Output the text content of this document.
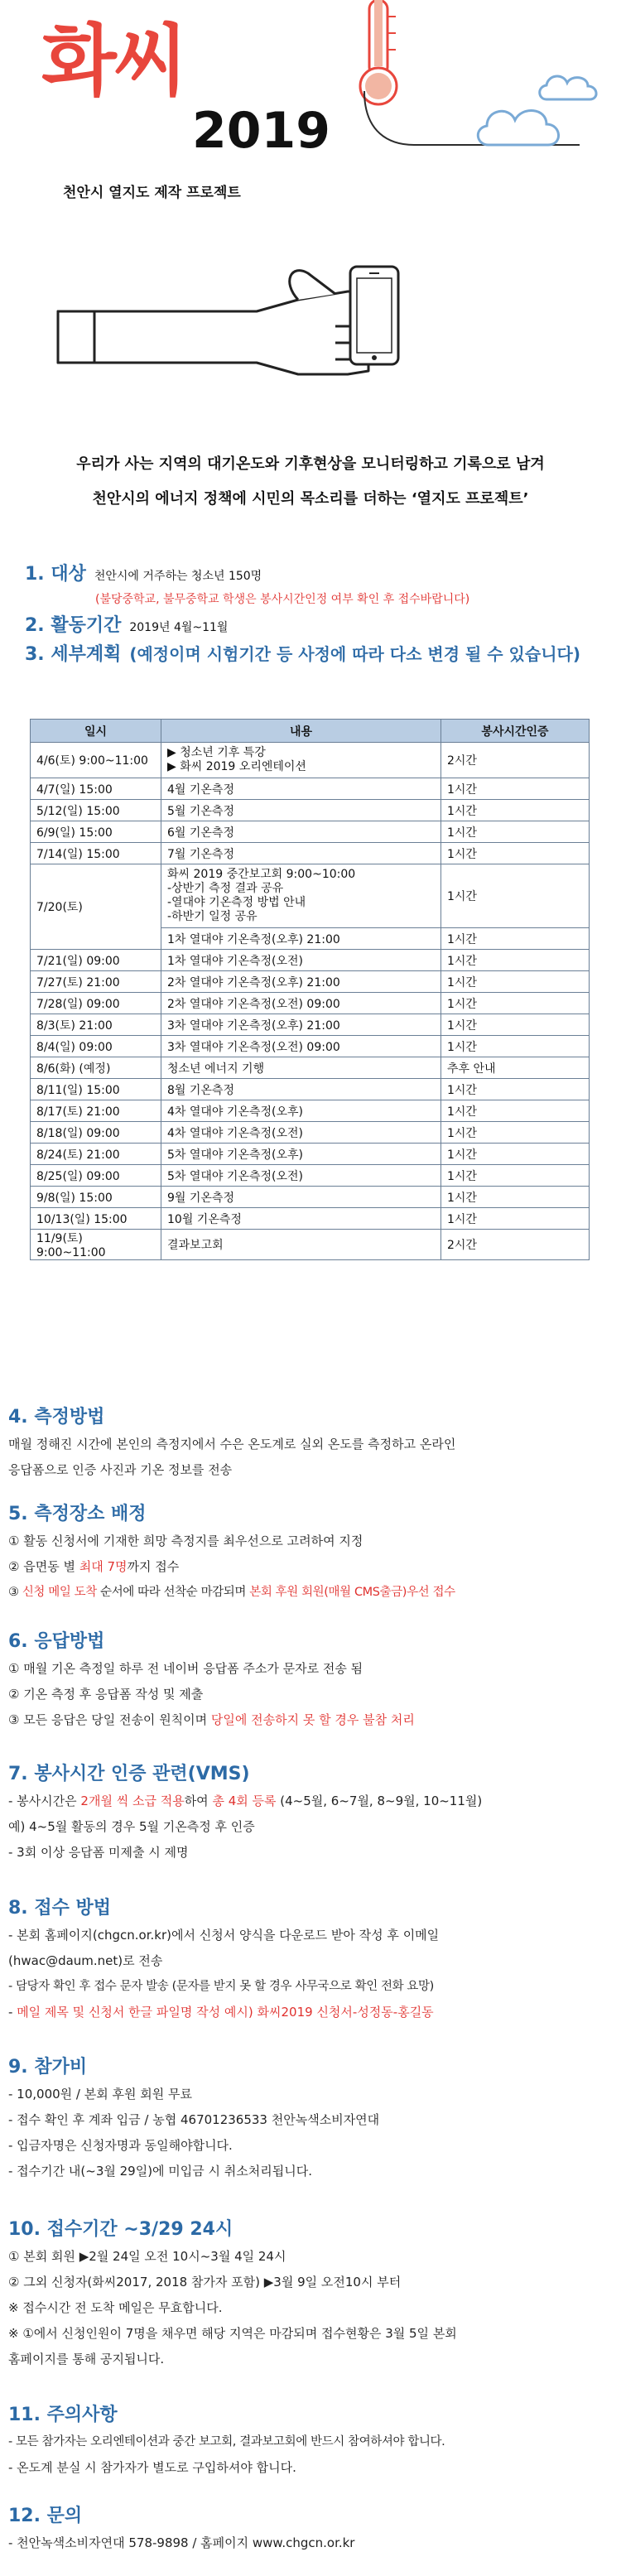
화씨
2019
천안시 열지도 제작 프로젝트

우리가 사는 지역의 대기온도와 기후현상을 모니터링하고 기록으로 남겨

천안시의 에너지 정책에 시민의 목소리를 더하는 ‘열지도 프로젝트’

1. 대상 천안시에 거주하는 청소년 150명
(불당중학교, 불무중학교 학생은 봉사시간인정 여부 확인 후 접수바랍니다)
2. 활동기간 2019년 4월~11월
3. 세부계획 (예정이며 시험기간 등 사정에 따라 다소 변경 될 수 있습니다)
일시	내용	봉사시간인증
4/6(토) 9:00~11:00	▶ 청소년 기후 특강
▶ 화씨 2019 오리엔테이션	2시간
4/7(일) 15:00	4월 기온측정	1시간
5/12(일) 15:00	5월 기온측정	1시간
6/9(일) 15:00	6월 기온측정	1시간
7/14(일) 15:00	7월 기온측정	1시간
7/20(토)	화씨 2019 중간보고회 9:00~10:00
-상반기 측정 결과 공유
-열대야 기온측정 방법 안내
-하반기 일정 공유	1시간

	1차 열대야 기온측정(오후) 21:00	1시간
7/21(일) 09:00	1차 열대야 기온측정(오전)	1시간
7/27(토) 21:00	2차 열대야 기온측정(오후) 21:00	1시간
7/28(일) 09:00	2차 열대야 기온측정(오전) 09:00	1시간
8/3(토) 21:00	3차 열대야 기온측정(오후) 21:00	1시간
8/4(일) 09:00	3차 열대야 기온측정(오전) 09:00	1시간
8/6(화) (예정)	청소년 에너지 기행	추후 안내
8/11(일) 15:00	8월 기온측정	1시간
8/17(토) 21:00	4차 열대야 기온측정(오후)	1시간
8/18(일) 09:00	4차 열대야 기온측정(오전)	1시간
8/24(토) 21:00	5차 열대야 기온측정(오후)	1시간
8/25(일) 09:00	5차 열대야 기온측정(오전)	1시간
9/8(일) 15:00	9월 기온측정	1시간
10/13(일) 15:00	10월 기온측정	1시간
11/9(토) 9:00~11:00	결과보고회	2시간
4. 측정방법
매월 정해진 시간에 본인의 측정지에서 수은 온도계로 실외 온도를 측정하고 온라인
응답폼으로 인증 사진과 기온 정보를 전송
5. 측정장소 배정
① 활동 신청서에 기재한 희망 측정지를 최우선으로 고려하여 지정
② 읍면동 별 최대 7명까지 접수
③ 신청 메일 도착 순서에 따라 선착순 마감되며 본회 후원 회원(매월 CMS출금)우선 접수
6. 응답방법
① 매월 기온 측정일 하루 전 네이버 응답폼 주소가 문자로 전송 됨
② 기온 측정 후 응답폼 작성 및 제출
③ 모든 응답은 당일 전송이 원칙이며 당일에 전송하지 못 할 경우 불참 처리
7. 봉사시간 인증 관련(VMS)
- 봉사시간은 2개월 씩 소급 적용하여 총 4회 등록 (4~5월, 6~7월, 8~9월, 10~11월)
예) 4~5월 활동의 경우 5월 기온측정 후 인증
- 3회 이상 응답폼 미제출 시 제명
8. 접수 방법
- 본회 홈페이지(chgcn.or.kr)에서 신청서 양식을 다운로드 받아 작성 후 이메일
(hwac@daum.net)로 전송
- 담당자 확인 후 접수 문자 발송 (문자를 받지 못 할 경우 사무국으로 확인 전화 요망)
- 메일 제목 및 신청서 한글 파일명 작성 예시) 화씨2019 신청서-성정동-홍길동
9. 참가비
- 10,000원 / 본회 후원 회원 무료
- 접수 확인 후 계좌 입금 / 농협 46701236533 천안녹색소비자연대
- 입금자명은 신청자명과 동일해야합니다.
- 접수기간 내(~3월 29일)에 미입금 시 취소처리됩니다.
10. 접수기간 ~3/29 24시
① 본회 회원 ▶2월 24일 오전 10시~3월 4일 24시
② 그외 신청자(화씨2017, 2018 참가자 포함) ▶3월 9일 오전10시 부터
※ 접수시간 전 도착 메일은 무효합니다.
※ ①에서 신청인원이 7명을 채우면 해당 지역은 마감되며 접수현황은 3월 5일 본회
홈페이지를 통해 공지됩니다.
11. 주의사항
- 모든 참가자는 오리엔테이션과 중간 보고회, 결과보고회에 반드시 참여하셔야 합니다.
- 온도계 분실 시 참가자가 별도로 구입하셔야 합니다.
12. 문의
- 천안녹색소비자연대 578-9898 / 홈페이지 www.chgcn.or.kr
